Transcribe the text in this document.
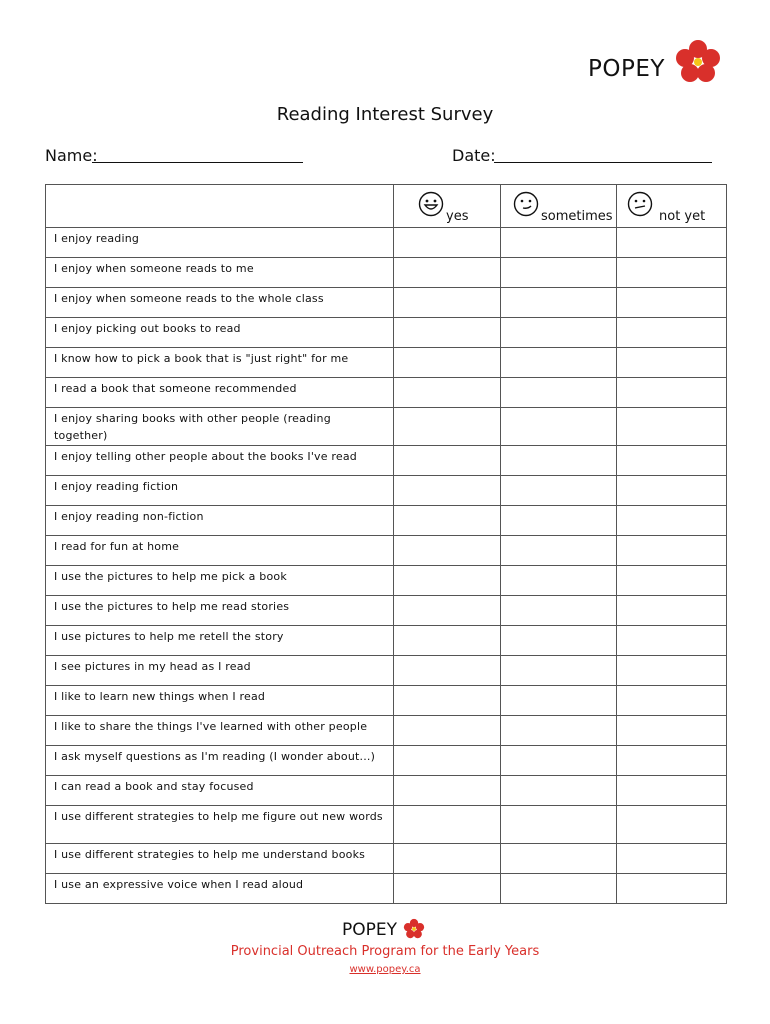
POPEY
Reading Interest Survey
Name:	Date:

	yes	sometimes	not yet

I enjoy reading			

I enjoy when someone reads to me			

I enjoy when someone reads to the whole class			

I enjoy picking out books to read			

I know how to pick a book that is "just right" for me			

I read a book that someone recommended			

I enjoy sharing books with other people (reading together)			

I enjoy telling other people about the books I've read			

I enjoy reading fiction			

I enjoy reading non-fiction			

I read for fun at home			

I use the pictures to help me pick a book			

I use the pictures to help me read stories			

I use pictures to help me retell the story			

I see pictures in my head as I read			

I like to learn new things when I read			

I like to share the things I've learned with other people			

I ask myself questions as I'm reading (I wonder about...)			

I can read a book and stay focused			

I use different strategies to help me figure out new words			

I use different strategies to help me understand books			

I use an expressive voice when I read aloud			

POPEY
Provincial Outreach Program for the Early Years
www.popey.ca
